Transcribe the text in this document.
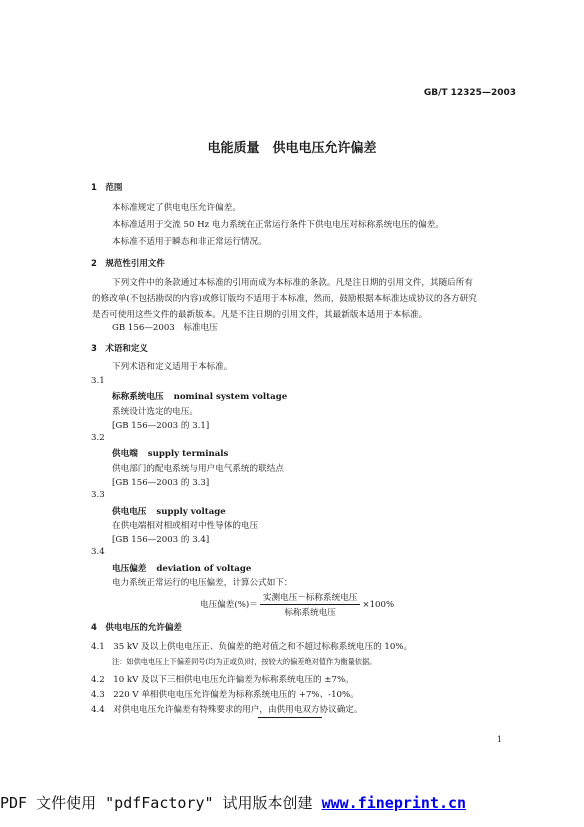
GB/T 12325—2003
电能质量　供电电压允许偏差
1　范围
本标准规定了供电电压允许偏差。
本标准适用于交流 50 Hz 电力系统在正常运行条件下供电电压对标称系统电压的偏差。
本标准不适用于瞬态和非正常运行情况。
2　规范性引用文件
下列文件中的条款通过本标准的引用而成为本标准的条款。凡是注日期的引用文件，其随后所有
的修改单(不包括勘误的内容)或修订版均不适用于本标准，然而，鼓励根据本标准达成协议的各方研究
是否可使用这些文件的最新版本。凡是不注日期的引用文件，其最新版本适用于本标准。
GB 156—2003　标准电压
3　术语和定义
下列术语和定义适用于本标准。
3.1
标称系统电压 nominal system voltage
系统设计选定的电压。
[GB 156—2003 的 3.1]
3.2
供电端 supply terminals
供电部门的配电系统与用户电气系统的联结点
[GB 156—2003 的 3.3]
3.3
供电电压 supply voltage
在供电端相对相或相对中性导体的电压
[GB 156—2003 的 3.4]
3.4
电压偏差 deviation of voltage
电力系统正常运行的电压偏差，计算公式如下：
电压偏差(%)＝ $\frac{\text{实测电压－标称系统电压}}{\text{标称系统电压}} \times 100\%$
4　供电电压的允许偏差
4.1　35 kV 及以上供电电压正、负偏差的绝对值之和不超过标称系统电压的 10%。
注：如供电电压上下偏差同号(均为正或负)时，按较大的偏差绝对值作为衡量依据。
4.2　10 kV 及以下三相供电电压允许偏差为标称系统电压的 ±7%。
4.3　220 V 单相供电电压允许偏差为标称系统电压的 +7%、-10%。
4.4　对供电电压允许偏差有特殊要求的用户，由供用电双方协议确定。
1
PDF 文件使用 "pdfFactory" 试用版本创建 www.fineprint.cn
